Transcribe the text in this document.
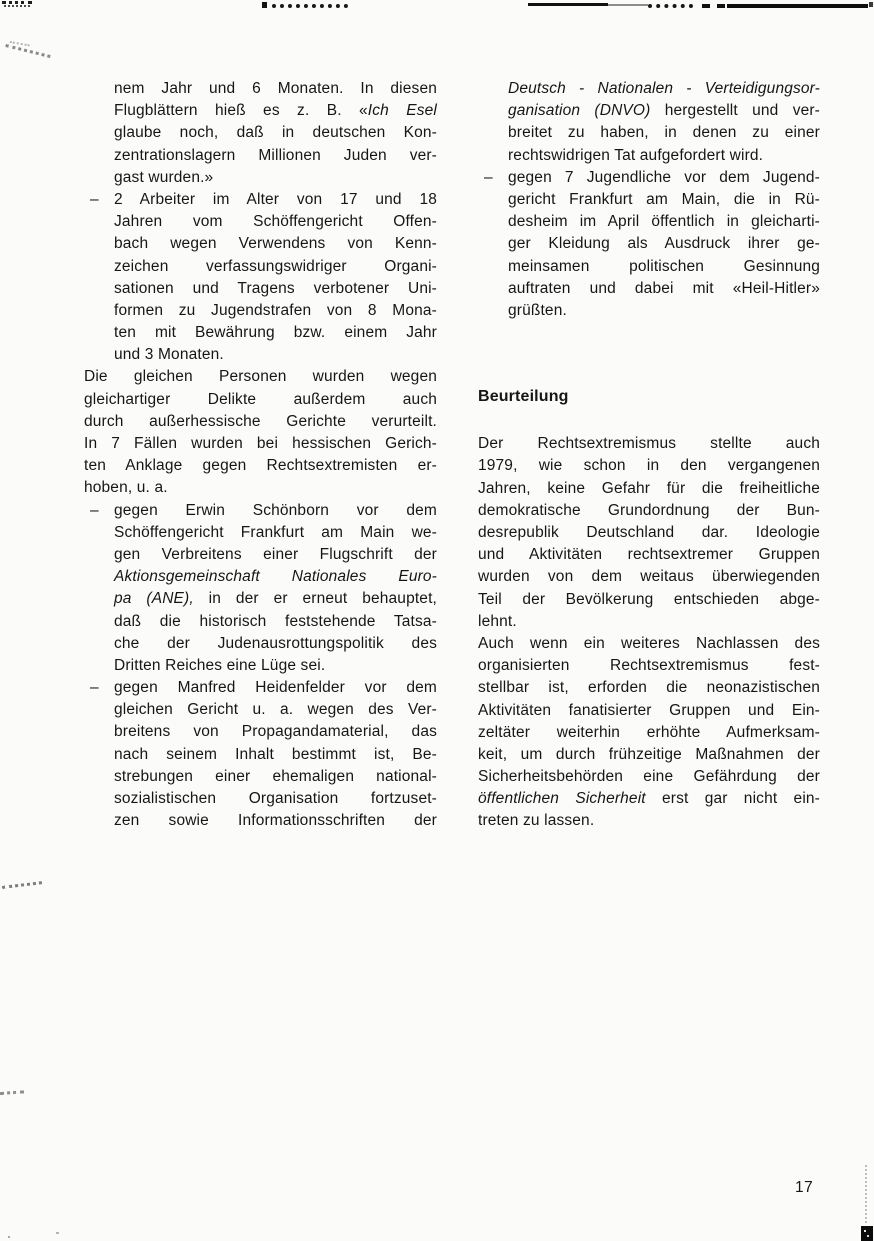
nem Jahr und 6 Monaten. In diesen
Flugblättern hieß es z. B. «Ich Esel
glaube noch, daß in deutschen Kon-
zentrationslagern Millionen Juden ver-
gast wurden.»
– 2 Arbeiter im Alter von 17 und 18
Jahren vom Schöffengericht Offen-
bach wegen Verwendens von Kenn-
zeichen verfassungswidriger Organi-
sationen und Tragens verbotener Uni-
formen zu Jugendstrafen von 8 Mona-
ten mit Bewährung bzw. einem Jahr
und 3 Monaten.
Die gleichen Personen wurden wegen
gleichartiger Delikte außerdem auch
durch außerhessische Gerichte verurteilt.
In 7 Fällen wurden bei hessischen Gerich-
ten Anklage gegen Rechtsextremisten er-
hoben, u. a.
– gegen Erwin Schönborn vor dem
Schöffengericht Frankfurt am Main we-
gen Verbreitens einer Flugschrift der
Aktionsgemeinschaft Nationales Euro-
pa (ANE), in der er erneut behauptet,
daß die historisch feststehende Tatsa-
che der Judenausrottungspolitik des
Dritten Reiches eine Lüge sei.
– gegen Manfred Heidenfelder vor dem
gleichen Gericht u. a. wegen des Ver-
breitens von Propagandamaterial, das
nach seinem Inhalt bestimmt ist, Be-
strebungen einer ehemaligen national-
sozialistischen Organisation fortzuset-
zen sowie Informationsschriften der
Deutsch - Nationalen - Verteidigungsor-
ganisation (DNVO) hergestellt und ver-
breitet zu haben, in denen zu einer
rechtswidrigen Tat aufgefordert wird.
– gegen 7 Jugendliche vor dem Jugend-
gericht Frankfurt am Main, die in Rü-
desheim im April öffentlich in gleicharti-
ger Kleidung als Ausdruck ihrer ge-
meinsamen politischen Gesinnung
auftraten und dabei mit «Heil-Hitler»
grüßten.
Beurteilung
Der Rechtsextremismus stellte auch
1979, wie schon in den vergangenen
Jahren, keine Gefahr für die freiheitliche
demokratische Grundordnung der Bun-
desrepublik Deutschland dar. Ideologie
und Aktivitäten rechtsextremer Gruppen
wurden von dem weitaus überwiegenden
Teil der Bevölkerung entschieden abge-
lehnt.
Auch wenn ein weiteres Nachlassen des
organisierten Rechtsextremismus fest-
stellbar ist, erforden die neonazistischen
Aktivitäten fanatisierter Gruppen und Ein-
zeltäter weiterhin erhöhte Aufmerksam-
keit, um durch frühzeitige Maßnahmen der
Sicherheitsbehörden eine Gefährdung der
öffentlichen Sicherheit erst gar nicht ein-
treten zu lassen.
17
